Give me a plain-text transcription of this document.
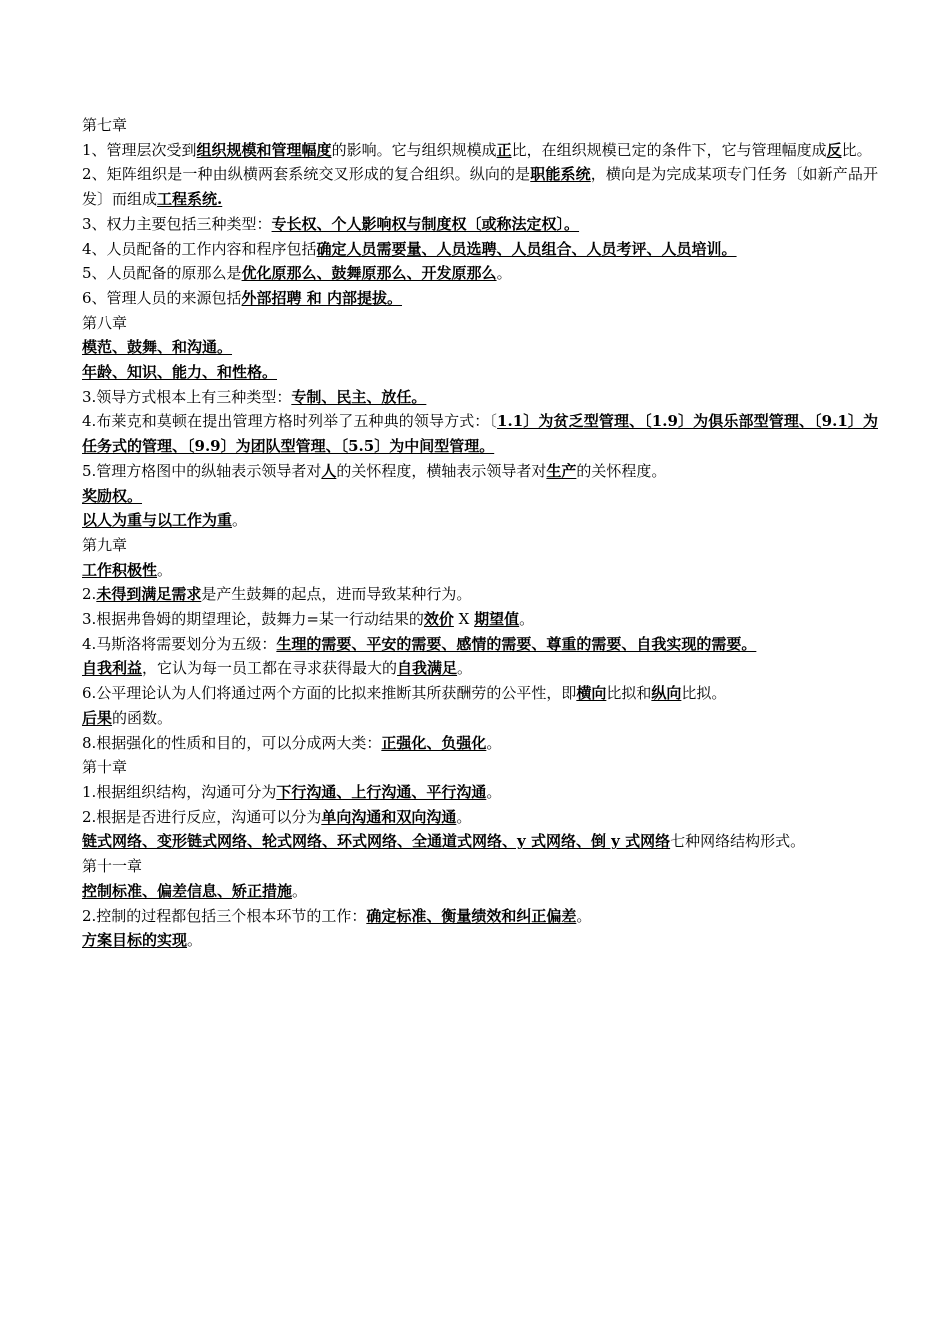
第七章

1、管理层次受到组织规模和管理幅度的影响。它与组织规模成正比，在组织规模已定的条件下，它与管理幅度成反比。

2、矩阵组织是一种由纵横两套系统交叉形成的复合组织。纵向的是职能系统，横向是为完成某项专门任务〔如新产品开发〕而组成工程系统.

3、权力主要包括三种类型：专长权、个人影响权与制度权〔或称法定权〕。

4、人员配备的工作内容和程序包括确定人员需要量、人员选聘、人员组合、人员考评、人员培训。

5、人员配备的原那么是优化原那么、鼓舞原那么、开发原那么。

6、管理人员的来源包括外部招聘 和 内部提拔。

第八章

模范、鼓舞、和沟通。

年龄、知识、能力、和性格。

3.领导方式根本上有三种类型：专制、民主、放任。

4.布莱克和莫顿在提出管理方格时列举了五种典的领导方式：〔1.1〕为贫乏型管理、〔1.9〕为俱乐部型管理、〔9.1〕为任务式的管理、〔9.9〕为团队型管理、〔5.5〕为中间型管理。

5.管理方格图中的纵轴表示领导者对人的关怀程度，横轴表示领导者对生产的关怀程度。

奖励权。

以人为重与以工作为重。

第九章

工作积极性。

2.未得到满足需求是产生鼓舞的起点，进而导致某种行为。

3.根据弗鲁姆的期望理论，鼓舞力=某一行动结果的效价 X 期望值。

4.马斯洛将需要划分为五级：生理的需要、平安的需要、感情的需要、尊重的需要、自我实现的需要。

自我利益，它认为每一员工都在寻求获得最大的自我满足。

6.公平理论认为人们将通过两个方面的比拟来推断其所获酬劳的公平性，即横向比拟和纵向比拟。

后果的函数。

8.根据强化的性质和目的，可以分成两大类：正强化、负强化。

第十章

1.根据组织结构，沟通可分为下行沟通、上行沟通、平行沟通。

2.根据是否进行反应，沟通可以分为单向沟通和双向沟通。

链式网络、变形链式网络、轮式网络、环式网络、全通道式网络、y 式网络、倒 y 式网络七种网络结构形式。

第十一章

控制标准、偏差信息、矫正措施。

2.控制的过程都包括三个根本环节的工作：确定标准、衡量绩效和纠正偏差。

方案目标的实现。
